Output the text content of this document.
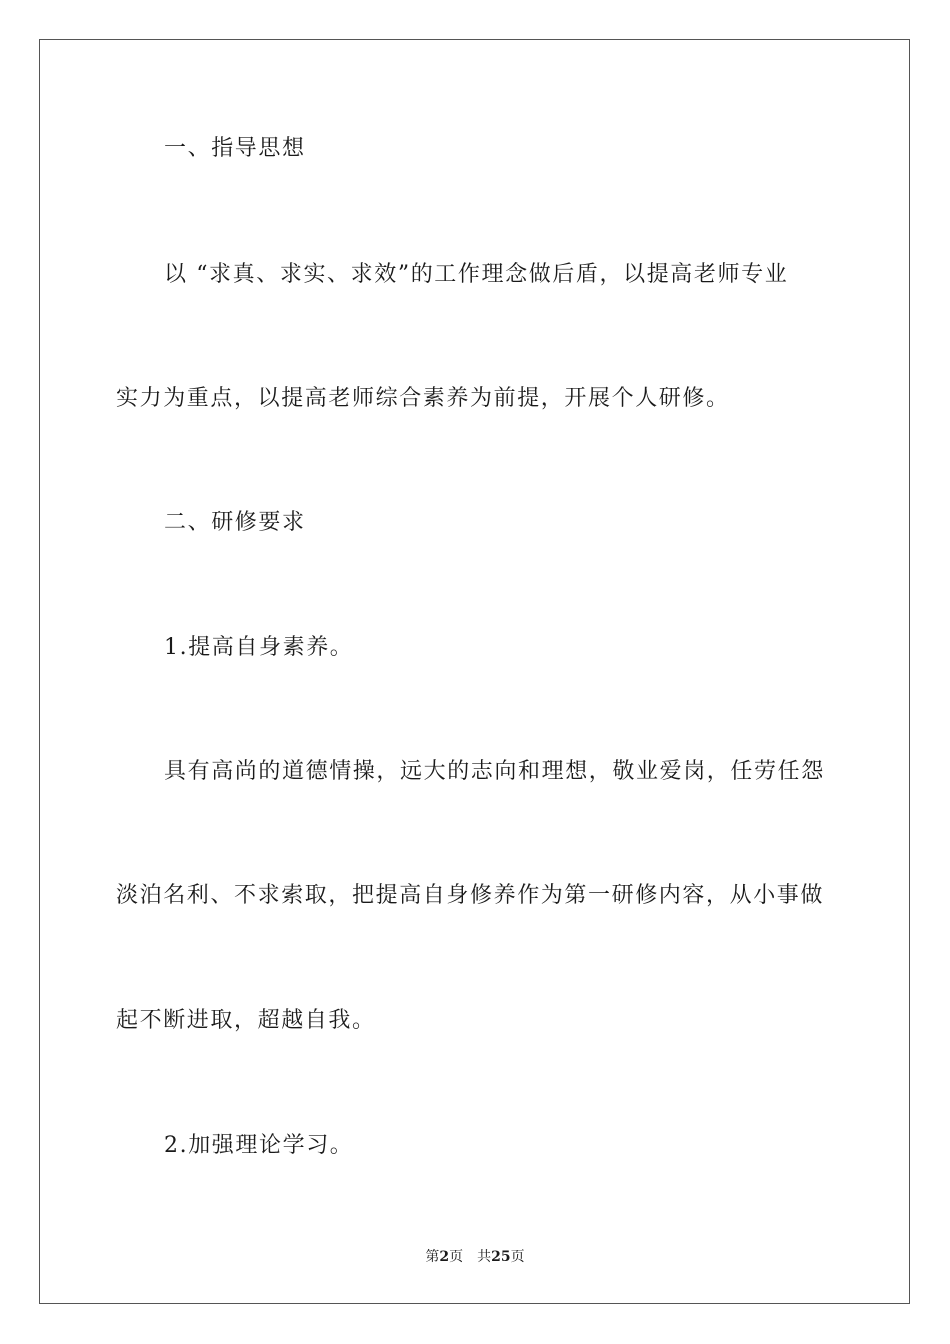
一、指导思想
以 “求真、求实、求效”的工作理念做后盾，以提高老师专业
实力为重点，以提高老师综合素养为前提，开展个人研修。
二、研修要求
1.提高自身素养。
具有高尚的道德情操，远大的志向和理想，敬业爱岗，任劳任怨
淡泊名利、不求索取，把提高自身修养作为第一研修内容，从小事做
起不断进取，超越自我。
2.加强理论学习。
第2页 共25页
